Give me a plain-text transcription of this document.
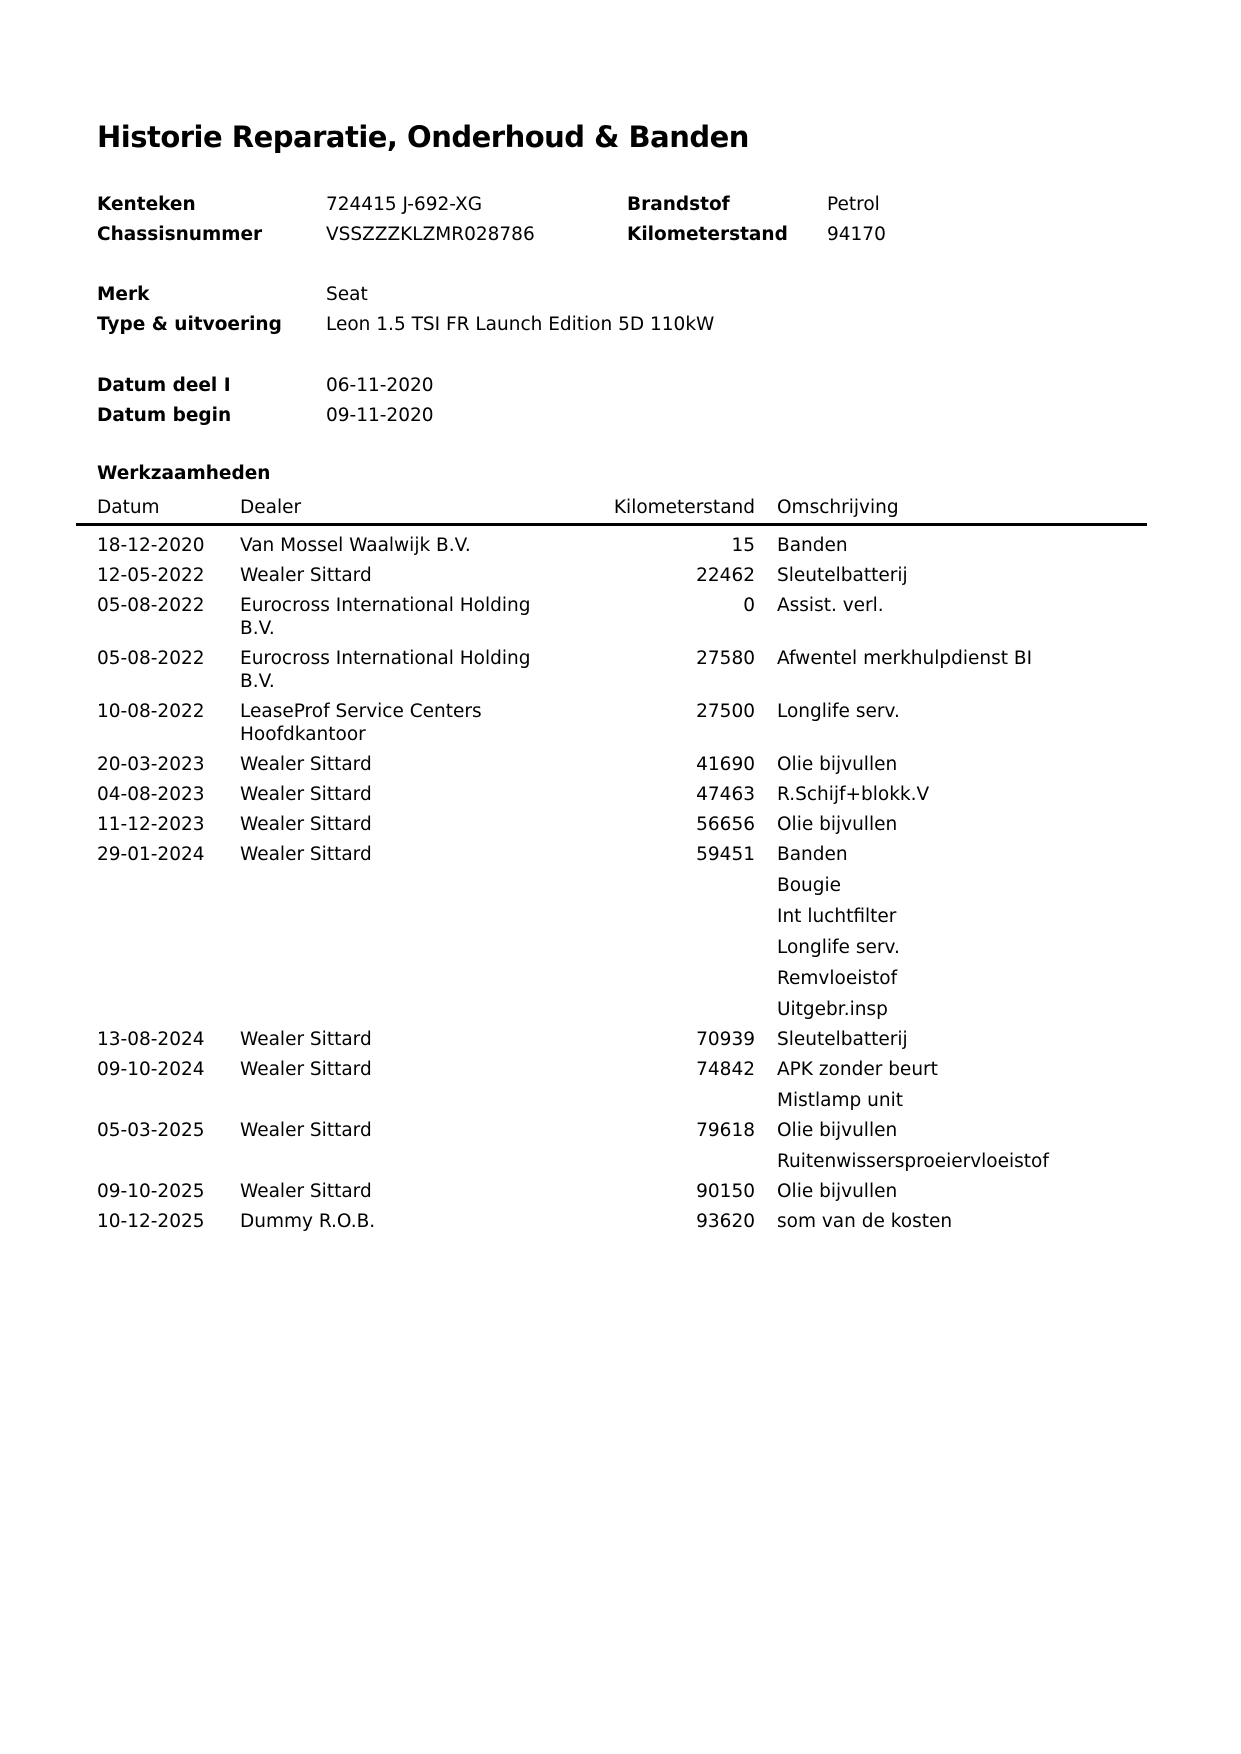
Historie Reparatie, Onderhoud & Banden
Kenteken	724415 J-692-XG	Brandstof	Petrol
Chassisnummer	VSSZZZKLZMR028786	Kilometerstand	94170
Merk	Seat
Type & uitvoering	Leon 1.5 TSI FR Launch Edition 5D 110kW
Datum deel I	06-11-2020
Datum begin	09-11-2020
Werkzaamheden
Datum	Dealer	Kilometerstand	Omschrijving
18-12-2020	Van Mossel Waalwijk B.V.	15 Banden
12-05-2022	Wealer Sittard	22462 Sleutelbatterij
05-08-2022	Eurocross International Holding
B.V.
0 Assist. verl.
05-08-2022	Eurocross International Holding
B.V.
27580 Afwentel merkhulpdienst BI
10-08-2022	LeaseProf Service Centers
Hoofdkantoor
27500 Longlife serv.
20-03-2023	Wealer Sittard	41690 Olie bijvullen
04-08-2023	Wealer Sittard	47463 R.Schijf+blokk.V
11-12-2023	Wealer Sittard	56656 Olie bijvullen
29-01-2024	Wealer Sittard	59451 Banden
Bougie
Int luchtfilter
Longlife serv.
Remvloeistof
Uitgebr.insp
13-08-2024	Wealer Sittard	70939 Sleutelbatterij
09-10-2024	Wealer Sittard	74842 APK zonder beurt
Mistlamp unit
05-03-2025	Wealer Sittard	79618 Olie bijvullen
Ruitenwissersproeiervloeistof
09-10-2025	Wealer Sittard	90150 Olie bijvullen
10-12-2025	Dummy R.O.B.	93620 som van de kosten
